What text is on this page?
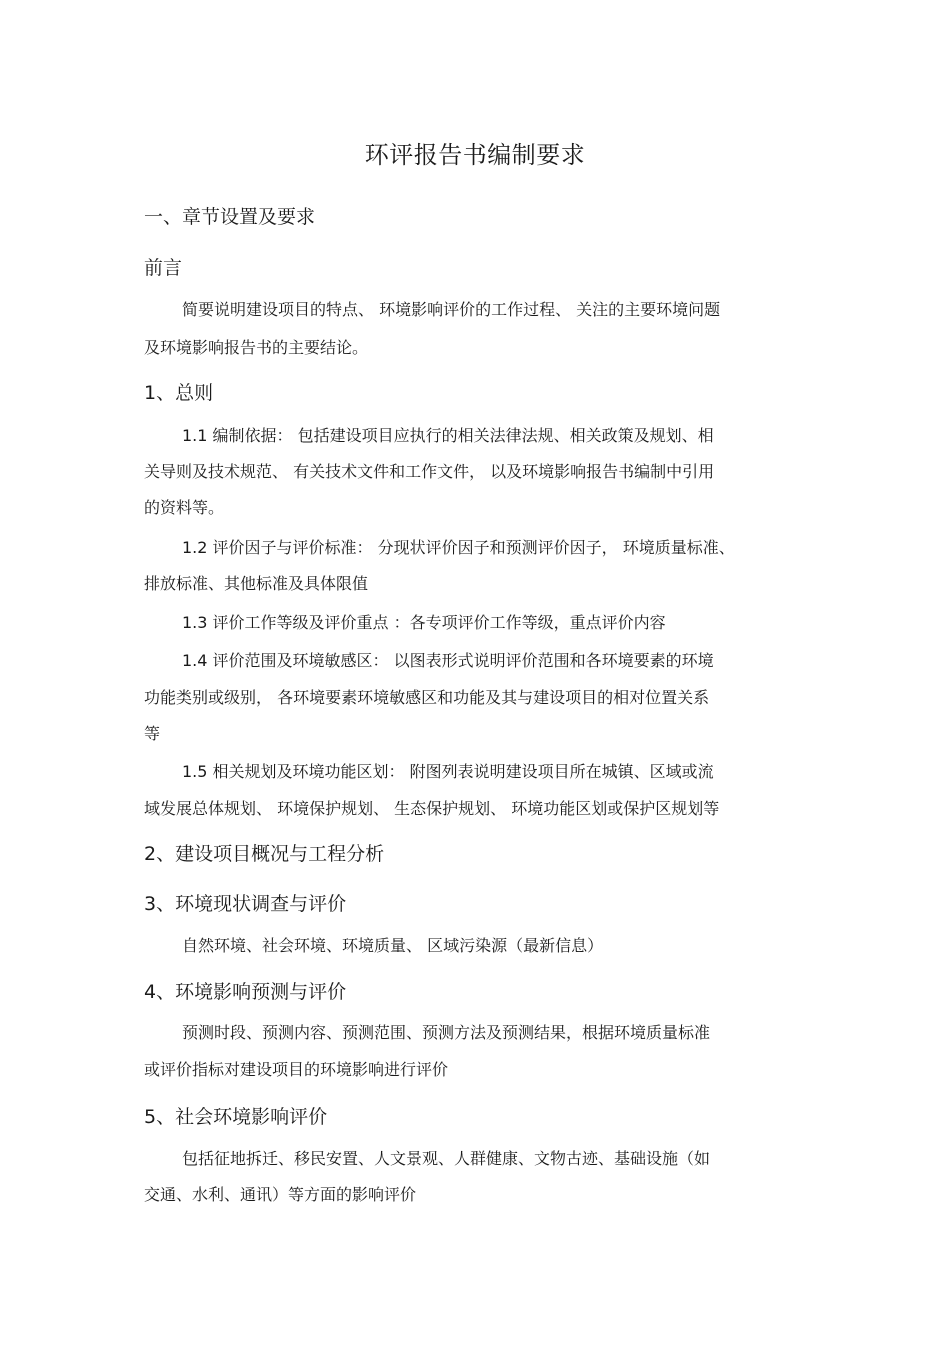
环评报告书编制要求
一、章节设置及要求
前言
简要说明建设项目的特点、 环境影响评价的工作过程、 关注的主要环境问题
及环境影响报告书的主要结论。
1、总则
1.1 编制依据： 包括建设项目应执行的相关法律法规、相关政策及规划、相
关导则及技术规范、 有关技术文件和工作文件， 以及环境影响报告书编制中引用
的资料等。
1.2 评价因子与评价标准： 分现状评价因子和预测评价因子， 环境质量标准、
排放标准、其他标准及具体限值
1.3 评价工作等级及评价重点 ：各专项评价工作等级，重点评价内容
1.4 评价范围及环境敏感区： 以图表形式说明评价范围和各环境要素的环境
功能类别或级别， 各环境要素环境敏感区和功能及其与建设项目的相对位置关系
等
1.5 相关规划及环境功能区划： 附图列表说明建设项目所在城镇、区域或流
域发展总体规划、 环境保护规划、 生态保护规划、 环境功能区划或保护区规划等
2、建设项目概况与工程分析
3、环境现状调查与评价
自然环境、社会环境、环境质量、 区域污染源（最新信息）
4、环境影响预测与评价
预测时段、预测内容、预测范围、预测方法及预测结果，根据环境质量标准
或评价指标对建设项目的环境影响进行评价
5、社会环境影响评价
包括征地拆迁、移民安置、人文景观、人群健康、文物古迹、基础设施（如
交通、水利、通讯）等方面的影响评价
